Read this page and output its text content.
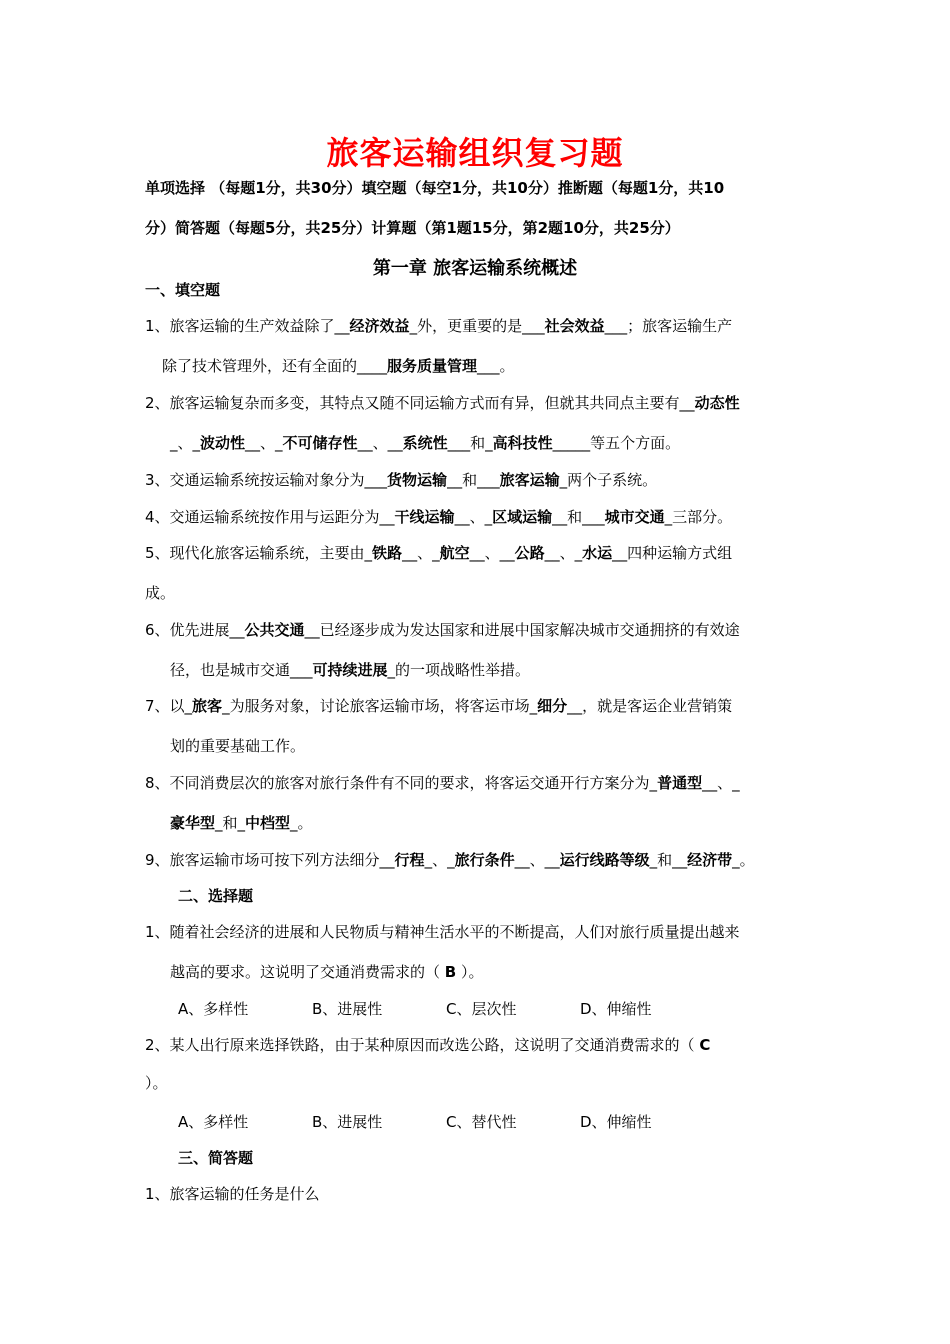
旅客运输组织复习题
单项选择 （每题1分，共30分）填空题（每空1分，共10分）推断题（每题1分，共10
分）简答题（每题5分，共25分）计算题（第1题15分，第2题10分，共25分）
第一章 旅客运输系统概述
一、填空题
1、旅客运输的生产效益除了__经济效益_外，更重要的是___社会效益___；旅客运输生产
除了技术管理外，还有全面的____服务质量管理___。
2、旅客运输复杂而多变，其特点又随不同运输方式而有异，但就其共同点主要有__动态性
_、_波动性__、_不可储存性__、__系统性___和_高科技性_____等五个方面。
3、交通运输系统按运输对象分为___货物运输__和___旅客运输_两个子系统。
4、交通运输系统按作用与运距分为__干线运输__、_区域运输__和___城市交通_三部分。
5、现代化旅客运输系统，主要由_铁路__、_航空__、__公路__、_水运__四种运输方式组
成。
6、优先进展__公共交通__已经逐步成为发达国家和进展中国家解决城市交通拥挤的有效途
径，也是城市交通___可持续进展_的一项战略性举措。
7、以_旅客_为服务对象，讨论旅客运输市场，将客运市场_细分__，就是客运企业营销策
划的重要基础工作。
8、不同消费层次的旅客对旅行条件有不同的要求，将客运交通开行方案分为_普通型__、_
豪华型_和_中档型_。
9、旅客运输市场可按下列方法细分__行程_、_旅行条件__、__运行线路等级_和__经济带_。
二、选择题
1、随着社会经济的进展和人民物质与精神生活水平的不断提高，人们对旅行质量提出越来
越高的要求。这说明了交通消费需求的（ B ）。
A、多样性	B、进展性	C、层次性	D、伸缩性
2、某人出行原来选择铁路，由于某种原因而改选公路，这说明了交通消费需求的（ C
）。
A、多样性	B、进展性	C、替代性	D、伸缩性
三、简答题
1、旅客运输的任务是什么
